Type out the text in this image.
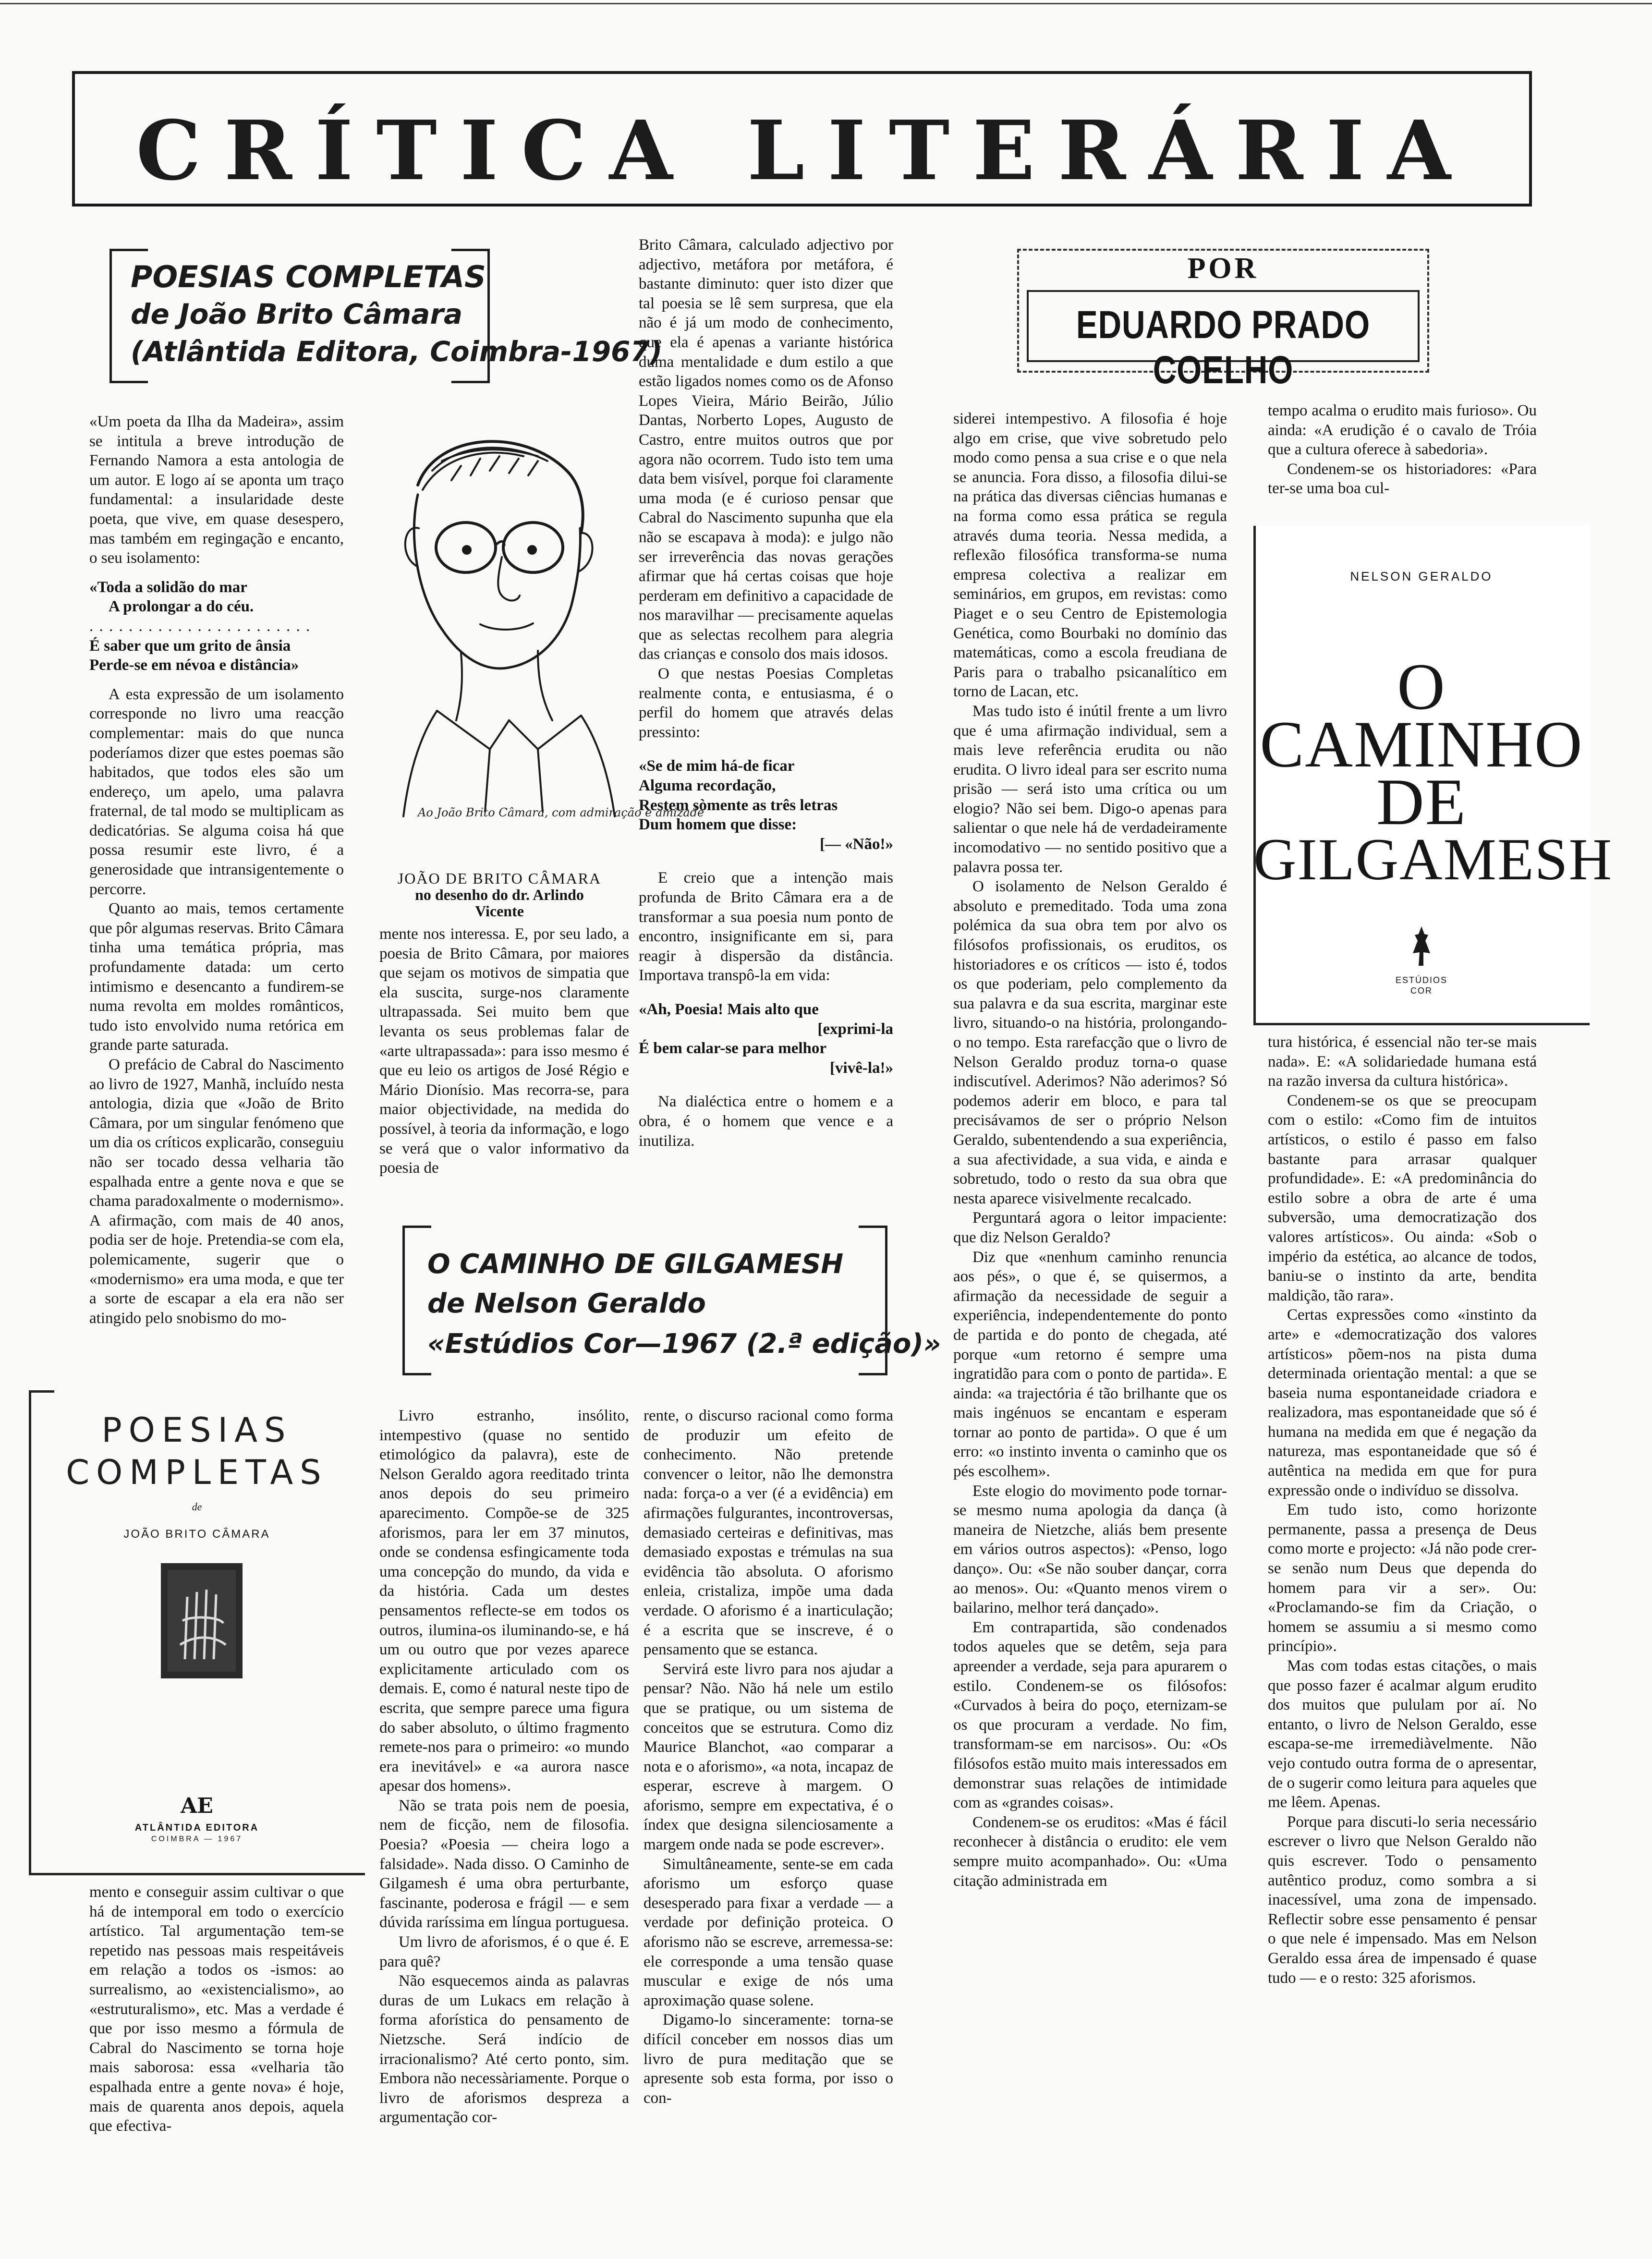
CRÍTICA LITERÁRIA
POESIAS COMPLETAS
de João Brito Câmara
(Atlântida Editora, Coimbra-1967)

«Um poeta da Ilha da Madeira», assim se intitula a breve introdução de Fernando Namora a esta antologia de um autor. E logo aí se aponta um traço fundamental: a insularidade deste poeta, que vive, em quase desespero, mas também em regingação e encanto, o seu isolamento:

«Toda a solidão do mar

A prolongar a do céu.

. . . . . . . . . . . . . . . . . . . . . . .

É saber que um grito de ânsia

Perde-se em névoa e distância»

A esta expressão de um isolamento corresponde no livro uma reacção complementar: mais do que nunca poderíamos dizer que estes poemas são habitados, que todos eles são um endereço, um apelo, uma palavra fraternal, de tal modo se multiplicam as dedicatórias. Se alguma coisa há que possa resumir este livro, é a generosidade que intransigentemente o percorre.

Quanto ao mais, temos certamente que pôr algumas reservas. Brito Câmara tinha uma temática própria, mas profundamente datada: um certo intimismo e desencanto a fundirem-se numa revolta em moldes românticos, tudo isto envolvido numa retórica em grande parte saturada.

O prefácio de Cabral do Nascimento ao livro de 1927, Manhã, incluído nesta antologia, dizia que «João de Brito Câmara, por um singular fenómeno que um dia os críticos explicarão, conseguiu não ser tocado dessa velharia tão espalhada entre a gente nova e que se chama paradoxalmente o modernismo». A afirmação, com mais de 40 anos, podia ser de hoje. Pretendia-se com ela, polemicamente, sugerir que o «modernismo» era uma moda, e que ter a sorte de escapar a ela era não ser atingido pelo snobismo do mo-

Ao João Brito Câmara, com admiração e amizade
JOÃO DE BRITO CÂMARA
no desenho do dr. Arlindo
Vicente

mente nos interessa. E, por seu lado, a poesia de Brito Câmara, por maiores que sejam os motivos de simpatia que ela suscita, surge-nos claramente ultrapassada. Sei muito bem que levanta os seus problemas falar de «arte ultrapassada»: para isso mesmo é que eu leio os artigos de José Régio e Mário Dionísio. Mas recorra-se, para maior objectividade, na medida do possível, à teoria da informação, e logo se verá que o valor informativo da poesia de

Brito Câmara, calculado adjectivo por adjectivo, metáfora por metáfora, é bastante diminuto: quer isto dizer que tal poesia se lê sem surpresa, que ela não é já um modo de conhecimento, que ela é apenas a variante histórica duma mentalidade e dum estilo a que estão ligados nomes como os de Afonso Lopes Vieira, Mário Beirão, Júlio Dantas, Norberto Lopes, Augusto de Castro, entre muitos outros que por agora não ocorrem. Tudo isto tem uma data bem visível, porque foi claramente uma moda (e é curioso pensar que Cabral do Nascimento supunha que ela não se escapava à moda): e julgo não ser irreverência das novas gerações afirmar que há certas coisas que hoje perderam em definitivo a capacidade de nos maravilhar — precisamente aquelas que as selectas recolhem para alegria das crianças e consolo dos mais idosos.

O que nestas Poesias Completas realmente conta, e entusiasma, é o perfil do homem que através delas pressinto:

«Se de mim há-de ficar

Alguma recordação,

Restem sòmente as três letras

Dum homem que disse:

[— «Não!»

E creio que a intenção mais profunda de Brito Câmara era a de transformar a sua poesia num ponto de encontro, insignificante em si, para reagir à dispersão da distância. Importava transpô-la em vida:

«Ah, Poesia! Mais alto que
[exprimi-la

É bem calar-se para melhor

[vivê-la!»

Na dialéctica entre o homem e a obra, é o homem que vence e a inutiliza.

POR
EDUARDO PRADO COELHO
O CAMINHO DE GILGAMESH
de Nelson Geraldo
«Estúdios Cor—1967 (2.ª edição)»
POESIAS
COMPLETAS
de
JOÃO BRITO CÂMARA
AE
ATLÂNTIDA EDITORA
COIMBRA — 1967

mento e conseguir assim cultivar o que há de intemporal em todo o exercício artístico. Tal argumentação tem-se repetido nas pessoas mais respeitáveis em relação a todos os -ismos: ao surrealismo, ao «existencialismo», ao «estruturalismo», etc. Mas a verdade é que por isso mesmo a fórmula de Cabral do Nascimento se torna hoje mais saborosa: essa «velharia tão espalhada entre a gente nova» é hoje, mais de quarenta anos depois, aquela que efectiva-

Livro estranho, insólito, intempestivo (quase no sentido etimológico da palavra), este de Nelson Geraldo agora reeditado trinta anos depois do seu primeiro aparecimento. Compõe-se de 325 aforismos, para ler em 37 minutos, onde se condensa esfingicamente toda uma concepção do mundo, da vida e da história. Cada um destes pensamentos reflecte-se em todos os outros, ilumina-os iluminando-se, e há um ou outro que por vezes aparece explicitamente articulado com os demais. E, como é natural neste tipo de escrita, que sempre parece uma figura do saber absoluto, o último fragmento remete-nos para o primeiro: «o mundo era inevitável» e «a aurora nasce apesar dos homens».

Não se trata pois nem de poesia, nem de ficção, nem de filosofia. Poesia? «Poesia — cheira logo a falsidade». Nada disso. O Caminho de Gilgamesh é uma obra perturbante, fascinante, poderosa e frágil — e sem dúvida raríssima em língua portuguesa.

Um livro de aforismos, é o que é. E para quê?

Não esquecemos ainda as palavras duras de um Lukacs em relação à forma aforística do pensamento de Nietzsche. Será indício de irracionalismo? Até certo ponto, sim. Embora não necessàriamente. Porque o livro de aforismos despreza a argumentação cor-

rente, o discurso racional como forma de produzir um efeito de conhecimento. Não pretende convencer o leitor, não lhe demonstra nada: força-o a ver (é a evidência) em afirmações fulgurantes, incontroversas, demasiado certeiras e definitivas, mas demasiado expostas e trémulas na sua evidência tão absoluta. O aforismo enleia, cristaliza, impõe uma dada verdade. O aforismo é a inarticulação; é a escrita que se inscreve, é o pensamento que se estanca.

Servirá este livro para nos ajudar a pensar? Não. Não há nele um estilo que se pratique, ou um sistema de conceitos que se estrutura. Como diz Maurice Blanchot, «ao comparar a nota e o aforismo», «a nota, incapaz de esperar, escreve à margem. O aforismo, sempre em expectativa, é o índex que designa silenciosamente a margem onde nada se pode escrever».

Simultâneamente, sente-se em cada aforismo um esforço quase desesperado para fixar a verdade — a verdade por definição proteica. O aforismo não se escreve, arremessa-se: ele corresponde a uma tensão quase muscular e exige de nós uma aproximação quase solene.

Digamo-lo sinceramente: torna-se difícil conceber em nossos dias um livro de pura meditação que se apresente sob esta forma, por isso o con-

siderei intempestivo. A filosofia é hoje algo em crise, que vive sobretudo pelo modo como pensa a sua crise e o que nela se anuncia. Fora disso, a filosofia dilui-se na prática das diversas ciências humanas e na forma como essa prática se regula através duma teoria. Nessa medida, a reflexão filosófica transforma-se numa empresa colectiva a realizar em seminários, em grupos, em revistas: como Piaget e o seu Centro de Epistemologia Genética, como Bourbaki no domínio das matemáticas, como a escola freudiana de Paris para o trabalho psicanalítico em torno de Lacan, etc.

Mas tudo isto é inútil frente a um livro que é uma afirmação individual, sem a mais leve referência erudita ou não erudita. O livro ideal para ser escrito numa prisão — será isto uma crítica ou um elogio? Não sei bem. Digo-o apenas para salientar o que nele há de verdadeiramente incomodativo — no sentido positivo que a palavra possa ter.

O isolamento de Nelson Geraldo é absoluto e premeditado. Toda uma zona polémica da sua obra tem por alvo os filósofos profissionais, os eruditos, os historiadores e os críticos — isto é, todos os que poderiam, pelo complemento da sua palavra e da sua escrita, marginar este livro, situando-o na história, prolongando-o no tempo. Esta rarefacção que o livro de Nelson Geraldo produz torna-o quase indiscutível. Aderimos? Não aderimos? Só podemos aderir em bloco, e para tal precisávamos de ser o próprio Nelson Geraldo, subentendendo a sua experiência, a sua afectividade, a sua vida, e ainda e sobretudo, todo o resto da sua obra que nesta aparece visivelmente recalcado.

Perguntará agora o leitor impaciente: que diz Nelson Geraldo?

Diz que «nenhum caminho renuncia aos pés», o que é, se quisermos, a afirmação da necessidade de seguir a experiência, independentemente do ponto de partida e do ponto de chegada, até porque «um retorno é sempre uma ingratidão para com o ponto de partida». E ainda: «a trajectória é tão brilhante que os mais ingénuos se encantam e esperam tornar ao ponto de partida». O que é um erro: «o instinto inventa o caminho que os pés escolhem».

Este elogio do movimento pode tornar-se mesmo numa apologia da dança (à maneira de Nietzche, aliás bem presente em vários outros aspectos): «Penso, logo danço». Ou: «Se não souber dançar, corra ao menos». Ou: «Quanto menos virem o bailarino, melhor terá dançado».

Em contrapartida, são condenados todos aqueles que se detêm, seja para apreender a verdade, seja para apurarem o estilo. Condenem-se os filósofos: «Curvados à beira do poço, eternizam-se os que procuram a verdade. No fim, transformam-se em narcisos». Ou: «Os filósofos estão muito mais interessados em demonstrar suas relações de intimidade com as «grandes coisas».

Condenem-se os eruditos: «Mas é fácil reconhecer à distância o erudito: ele vem sempre muito acompanhado». Ou: «Uma citação administrada em

tempo acalma o erudito mais furioso». Ou ainda: «A erudição é o cavalo de Tróia que a cultura oferece à sabedoria».

Condenem-se os historiadores: «Para ter-se uma boa cul-

NELSON GERALDO
O
CAMINHO
DE
GILGAMESH
ESTÚDIOS
COR

tura histórica, é essencial não ter-se mais nada». E: «A solidariedade humana está na razão inversa da cultura histórica».

Condenem-se os que se preocupam com o estilo: «Como fim de intuitos artísticos, o estilo é passo em falso bastante para arrasar qualquer profundidade». E: «A predominância do estilo sobre a obra de arte é uma subversão, uma democratização dos valores artísticos». Ou ainda: «Sob o império da estética, ao alcance de todos, baniu-se o instinto da arte, bendita maldição, tão rara».

Certas expressões como «instinto da arte» e «democratização dos valores artísticos» põem-nos na pista duma determinada orientação mental: a que se baseia numa espontaneidade criadora e realizadora, mas espontaneidade que só é humana na medida em que é negação da natureza, mas espontaneidade que só é autêntica na medida em que for pura expressão onde o indivíduo se dissolva.

Em tudo isto, como horizonte permanente, passa a presença de Deus como morte e projecto: «Já não pode crer-se senão num Deus que dependa do homem para vir a ser». Ou: «Proclamando-se fim da Criação, o homem se assumiu a si mesmo como princípio».

Mas com todas estas citações, o mais que posso fazer é acalmar algum erudito dos muitos que pululam por aí. No entanto, o livro de Nelson Geraldo, esse escapa-se-me irremediàvelmente. Não vejo contudo outra forma de o apresentar, de o sugerir como leitura para aqueles que me lêem. Apenas.

Porque para discuti-lo seria necessário escrever o livro que Nelson Geraldo não quis escrever. Todo o pensamento autêntico produz, como sombra a si inacessível, uma zona de impensado. Reflectir sobre esse pensamento é pensar o que nele é impensado. Mas em Nelson Geraldo essa área de impensado é quase tudo — e o resto: 325 aforismos.
